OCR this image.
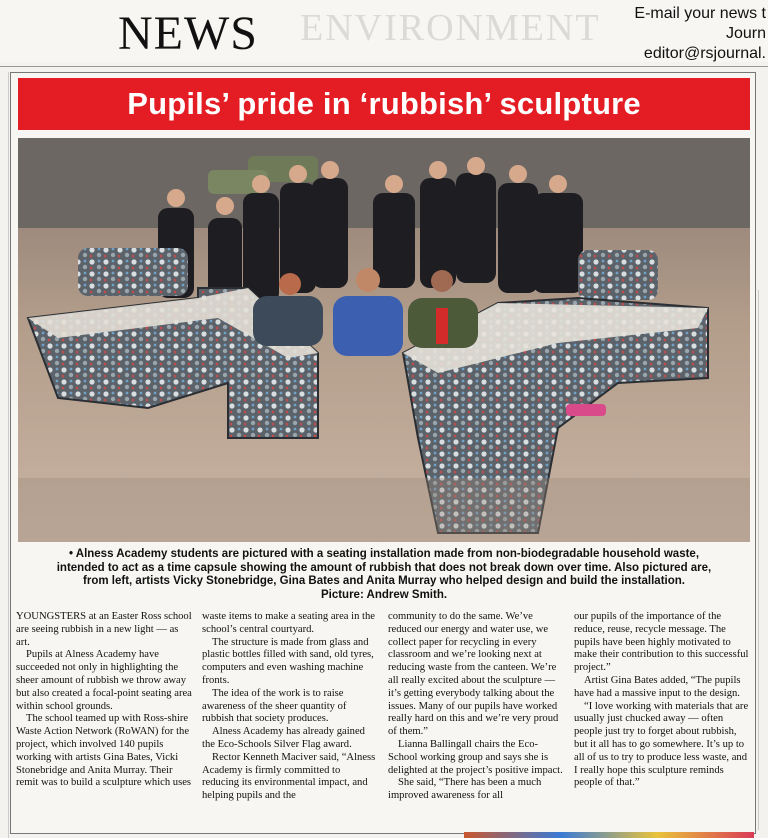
ENVIRONMENT
NEWS	E-mail your news t
Journ
editor@rsjournal.
Pupils’ pride in ‘rubbish’ sculpture
• Alness Academy students are pictured with a seating installation made from non-biodegradable household waste,
intended to act as a time capsule showing the amount of rubbish that does not break down over time. Also pictured are,
from left, artists Vicky Stonebridge, Gina Bates and Anita Murray who helped design and build the installation.
Picture: Andrew Smith.

YOUNGSTERS at an Easter Ross school are seeing rubbish in a new light — as art.

Pupils at Alness Academy have succeeded not only in highlighting the sheer amount of rubbish we throw away but also created a focal-point seating area within school grounds.

The school teamed up with Ross-shire Waste Action Network (RoWAN) for the project, which involved 140 pupils working with artists Gina Bates, Vicki Stonebridge and Anita Murray. Their remit was to build a sculpture which uses

waste items to make a seating area in the school’s central courtyard.

The structure is made from glass and plastic bottles filled with sand, old tyres, computers and even washing machine fronts.

The idea of the work is to raise awareness of the sheer quantity of rubbish that society produces.

Alness Academy has already gained the Eco-Schools Silver Flag award.

Rector Kenneth Maciver said, “Alness Academy is firmly committed to reducing its environmental impact, and helping pupils and the

community to do the same. We’ve reduced our energy and water use, we collect paper for recycling in every classroom and we’re looking next at reducing waste from the canteen. We’re all really excited about the sculpture — it’s getting everybody talking about the issues. Many of our pupils have worked really hard on this and we’re very proud of them.”

Lianna Ballingall chairs the Eco-School working group and says she is delighted at the project’s positive impact.

She said, “There has been a much improved awareness for all

our pupils of the importance of the reduce, reuse, recycle message. The pupils have been highly motivated to make their contribution to this successful project.”

Artist Gina Bates added, “The pupils have had a massive input to the design.

“I love working with materials that are usually just chucked away — often people just try to forget about rubbish, but it all has to go somewhere. It’s up to all of us to try to produce less waste, and I really hope this sculpture reminds people of that.”
